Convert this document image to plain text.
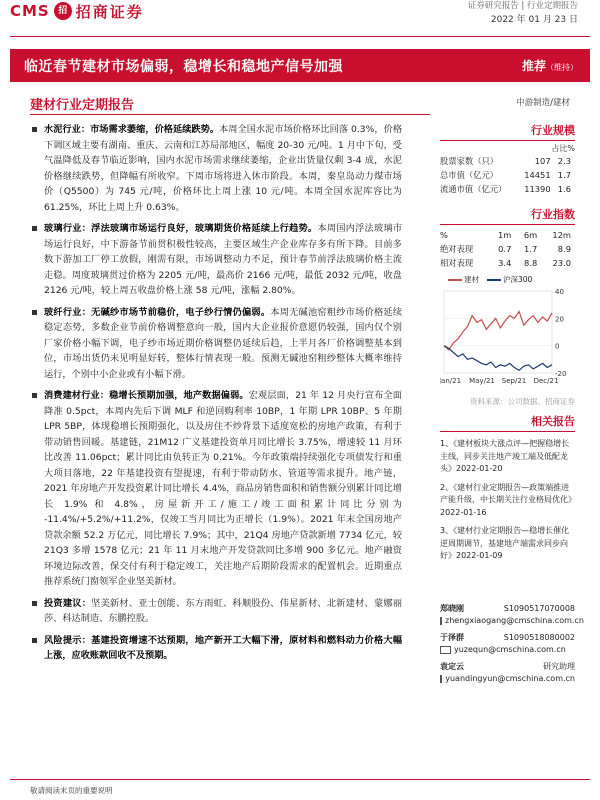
CMS 招 招商证券	证券研究报告 | 行业定期报告
2022 年 01 月 23 日
临近春节建材市场偏弱，稳增长和稳地产信号加强	推荐（维持）
建材行业定期报告	中游制造/建材
水泥行业：市场需求萎缩，价格延续跌势。本周全国水泥市场价格环比回落 0.3%，价格下调区域主要有湖南、重庆、云南和江苏局部地区，幅度 20-30 元/吨。1 月中下旬，受气温降低及春节临近影响，国内水泥市场需求继续萎缩，企业出货量仅剩 3-4 成，水泥价格继续跌势，但降幅有所收窄。下周市场将进入休市阶段。本周，秦皇岛动力煤市场价（Q5500）为 745 元/吨，价格环比上周上涨 10 元/吨。本周全国水泥库容比为 61.25%，环比上周上升 0.63%。
玻璃行业：浮法玻璃市场运行良好，玻璃期货价格延续上行趋势。本周国内浮法玻璃市场运行良好，中下游备节前贯积极性较高，主要区域生产企业库存多有所下降。目前多数下游加工厂停工放假，刚需有限，市场调整动力不足，预计春节前浮法玻璃价格主流走稳。周度玻璃贯过价格为 2205 元/吨，最高价 2166 元/吨，最低 2032 元/吨，收盘 2126 元/吨，较上周五收盘价格上涨 58 元/吨，涨幅 2.80%。
玻纤行业：无碱纱市场节前稳价，电子纱行情仍偏弱。本周无碱池窑粗纱市场价格延续稳定态势，多数企业节前价格调整意向一般，国内大企业报价意愿仍较强，国内仅个别厂家价格小幅下调，电子纱市场近期价格调整仍延续后趋，上半月各厂价格调整基本到位，市场出货仍未见明显好转，整体行情表现一般。预测无碱池窑粗纱整体大概率维持运行，个别中小企业或有小幅下滑。
消费建材行业：稳增长预期加强，地产数据偏弱。宏观层面，21 年 12 月央行宣布全面降准 0.5pct，本周内先后下调 MLF 和逆回购利率 10BP，1 年期 LPR 10BP、5 年期 LPR 5BP，体现稳增长预期强化，以及房住不炒背景下适度宽松的房地产政策，有利于带动销售回暖。基建链，21M12 广义基建投资单月同比增长 3.75%，增速较 11 月环比改善 11.06pct；累计同比由负转正为 0.21%。今年政策端持续强化专项债发行和重大项目落地，22 年基建投资有望提速，有利于带动防水、管道等需求提升。地产链，2021 年房地产开发投资累计同比增长 4.4%，商品房销售面积和销售额分别累计同比增长 1.9% 和 4.8%，房屋新开工/施工/竣工面积累计同比分别为 -11.4%/+5.2%/+11.2%，仅竣工当月同比为正增长（1.9%）。2021 年末全国房地产贷款余额 52.2 万亿元，同比增长 7.9%；其中，21Q4 房地产贷款新增 7734 亿元，较 21Q3 多增 1578 亿元；21 年 11 月末地产开发贷款同比多增 900 多亿元。地产融资环境边际改善，保交付有利于稳定竣工，关注地产后期阶段需求的配置机会。近期重点推荐系统门窗领军企业坚美新材。
投资建议：坚美新材、亚士创能、东方雨虹、科顺股份、伟星新材、北新建材、蒙娜丽莎、科达制造、东鹏控股。
风险提示：基建投资增速不达预期，地产新开工大幅下滑，原材料和燃料动力价格大幅上涨，应收账款回收不及预期。
行业规模
占比%
股票家数（只）	107	2.3
总市值（亿元）	14451	1.7
流通市值（亿元）	11390	1.6
行业指数
%	1m	6m	12m
绝对表现	0.7	1.7	8.9
相对表现	3.4	8.8	23.0
建材	沪深300
40
20
0
-20
Jan/21 May/21 Sep/21 Dec/21
资料来源：公司数据、招商证券
相关报告
1、《建材板块大涨点评—把握稳增长主线，同步关注地产竣工端及低配龙头》2022-01-20
2、《建材行业定期报告—政策端推进产能升级，中长期关注行业格局优化》2022-01-16
3、《建材行业定期报告—稳增长催化逆周期调节，基建地产端需求同步向好》2022-01-09
郑晓刚	S1090517070008
zhengxiaogang@cmschina.com.cn
于泽群	S1090518080002
yuzequn@cmschina.com.cn
袁定云	研究助理
yuandingyun@cmschina.com.cn
敬请阅读末页的重要说明
